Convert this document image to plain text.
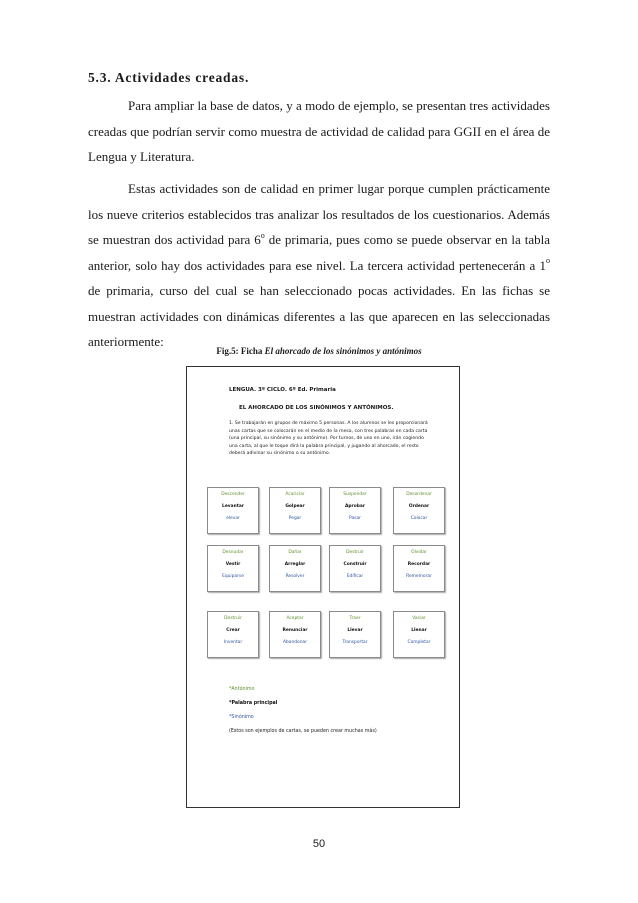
5.3. Actividades creadas.
Para ampliar la base de datos, y a modo de ejemplo, se presentan tres actividades creadas que podrían servir como muestra de actividad de calidad para GGII en el área de Lengua y Literatura.
Estas actividades son de calidad en primer lugar porque cumplen prácticamente los nueve criterios establecidos tras analizar los resultados de los cuestionarios. Además se muestran dos actividad para 6$^o$ de primaria, pues como se puede observar en la tabla anterior, solo hay dos actividades para ese nivel. La tercera actividad pertenecerán a 1$^o$ de primaria, curso del cual se han seleccionado pocas actividades. En las fichas se muestran actividades con dinámicas diferentes a las que aparecen en las seleccionadas anteriormente:
Fig.5: Ficha El ahorcado de los sinónimos y antónimos
LENGUA. 3º CICLO. 6º Ed. Primaria
EL AHORCADO DE LOS SINÓNIMOS Y ANTÓNIMOS.
1. Se trabajarán en grupos de máximo 5 personas. A los alumnos se les proporcionará unas cartas que se colocarán en el medio de la mesa, con tres palabras en cada carta (una principal, su sinónimo y su antónimo). Por turnos, de uno en uno, irán cogiendo una carta, al que le toque dirá la palabra principal, y jugando al ahorcado, el resto deberá adivinar su sinónimo o su antónimo.
Descender
Levantar
elevar
Acariciar
Golpear
Pegar
Suspender
Aprobar
Pasar
Desordenar
Ordenar
Colocar
Desnudar
Vestir
Equiparse
Dañar
Arreglar
Resolver
Destruir
Construir
Edificar
Olvidar
Recordar
Rememorar
Destruir
Crear
Inventar
Aceptar
Renunciar
Abandonar
Traer
Llevar
Transportar
Vaciar
Llenar
Completar
*Antónimo
*Palabra principal
*Sinónimo
(Estos son ejemplos de cartas, se pueden crear muchas más)
50
